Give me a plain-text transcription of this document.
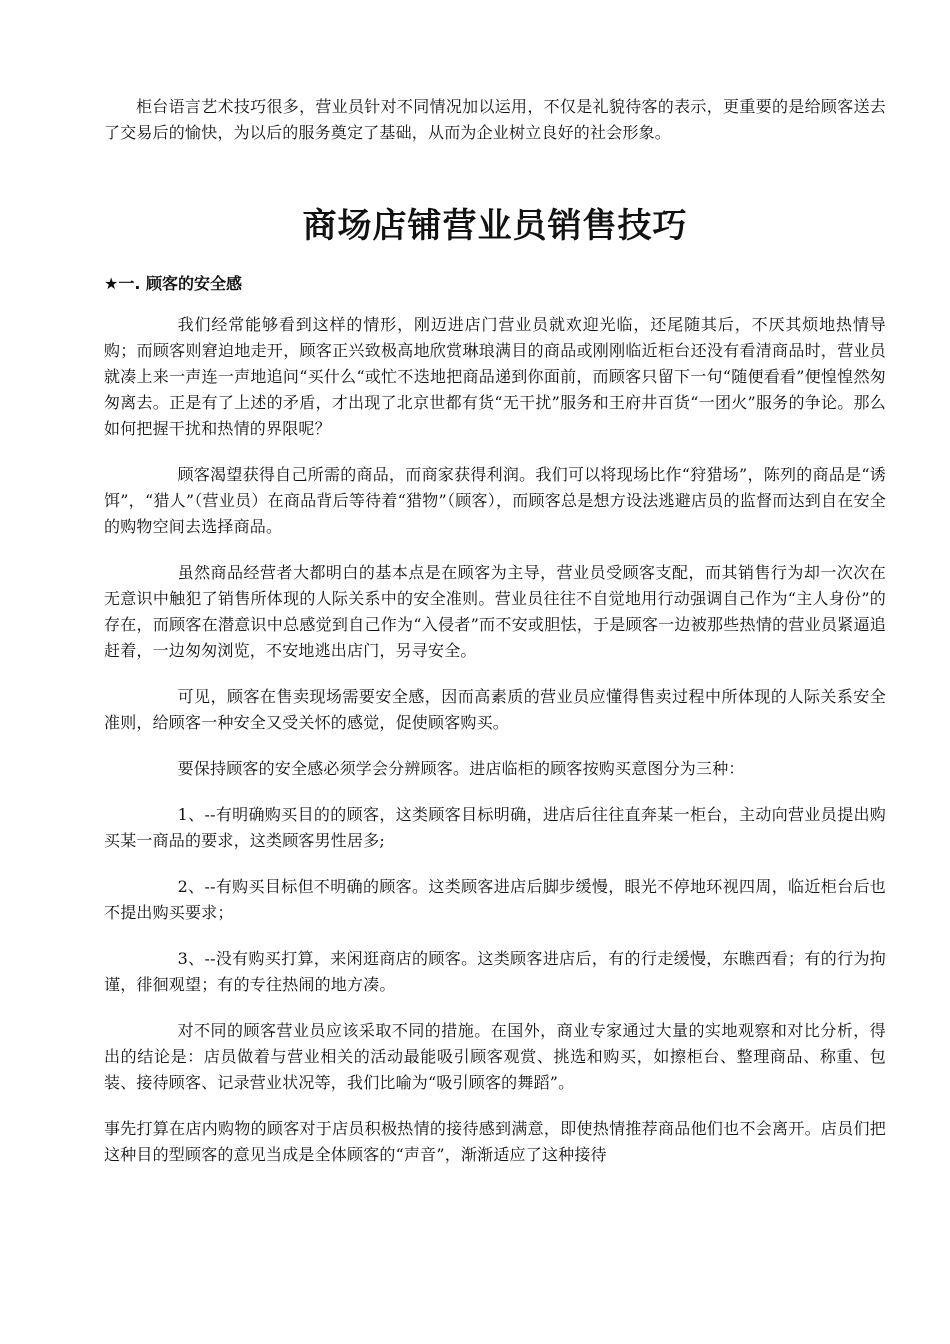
柜台语言艺术技巧很多，营业员针对不同情况加以运用，不仅是礼貌待客的表示，更重要的是给顾客送去了交易后的愉快，为以后的服务奠定了基础，从而为企业树立良好的社会形象。

商场店铺营业员销售技巧
★一. 顾客的安全感

我们经常能够看到这样的情形，刚迈进店门营业员就欢迎光临，还尾随其后，不厌其烦地热情导购；而顾客则窘迫地走开，顾客正兴致极高地欣赏琳琅满目的商品或刚刚临近柜台还没有看清商品时，营业员就凑上来一声连一声地追问“买什么“或忙不迭地把商品递到你面前，而顾客只留下一句“随便看看”便惶惶然匆匆离去。正是有了上述的矛盾，才出现了北京世都有货“无干扰”服务和王府井百货“一团火”服务的争论。那么如何把握干扰和热情的界限呢？

顾客渴望获得自己所需的商品，而商家获得利润。我们可以将现场比作“狩猎场”，陈列的商品是“诱饵”，“猎人”（营业员）在商品背后等待着“猎物”（顾客），而顾客总是想方设法逃避店员的监督而达到自在安全的购物空间去选择商品。

虽然商品经营者大都明白的基本点是在顾客为主导，营业员受顾客支配，而其销售行为却一次次在无意识中触犯了销售所体现的人际关系中的安全准则。营业员往往不自觉地用行动强调自己作为“主人身份”的存在，而顾客在潜意识中总感觉到自己作为“入侵者”而不安或胆怯，于是顾客一边被那些热情的营业员紧逼追赶着，一边匆匆浏览，不安地逃出店门，另寻安全。

可见，顾客在售卖现场需要安全感，因而高素质的营业员应懂得售卖过程中所体现的人际关系安全准则，给顾客一种安全又受关怀的感觉，促使顾客购买。

要保持顾客的安全感必须学会分辨顾客。进店临柜的顾客按购买意图分为三种：

1、--有明确购买目的的顾客，这类顾客目标明确，进店后往往直奔某一柜台，主动向营业员提出购买某一商品的要求，这类顾客男性居多;

2、--有购买目标但不明确的顾客。这类顾客进店后脚步缓慢，眼光不停地环视四周，临近柜台后也不提出购买要求；

3、--没有购买打算，来闲逛商店的顾客。这类顾客进店后，有的行走缓慢，东瞧西看；有的行为拘谨，徘徊观望；有的专往热闹的地方凑。

对不同的顾客营业员应该采取不同的措施。在国外，商业专家通过大量的实地观察和对比分析，得出的结论是：店员做着与营业相关的活动最能吸引顾客观赏、挑选和购买，如擦柜台、整理商品、称重、包装、接待顾客、记录营业状况等，我们比喻为“吸引顾客的舞蹈”。

事先打算在店内购物的顾客对于店员积极热情的接待感到满意，即使热情推荐商品他们也不会离开。店员们把这种目的型顾客的意见当成是全体顾客的“声音”，渐渐适应了这种接待
